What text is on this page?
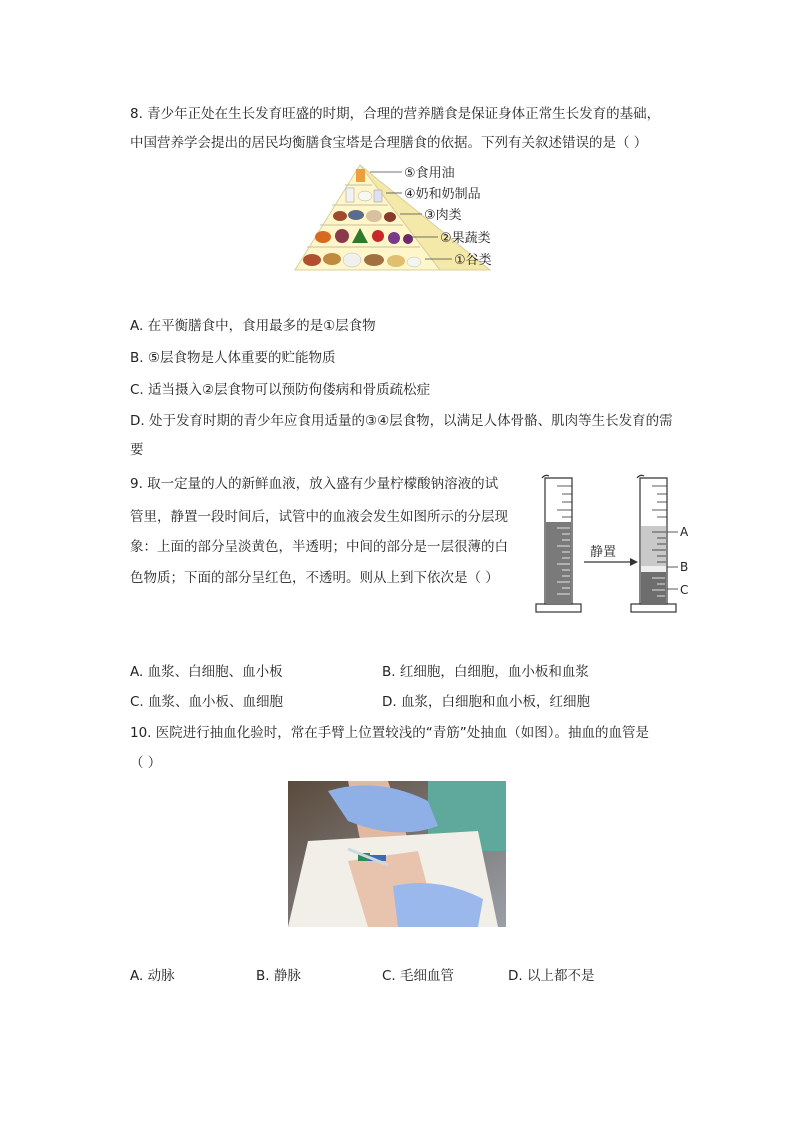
8. 青少年正处在生长发育旺盛的时期，合理的营养膳食是保证身体正常生长发育的基础，
中国营养学会提出的居民均衡膳食宝塔是合理膳食的依据。下列有关叙述错误的是（ ）
⑤食用油
④奶和奶制品
③肉类
②果蔬类
①谷类
A. 在平衡膳食中，食用最多的是①层食物
B. ⑤层食物是人体重要的贮能物质
C. 适当摄入②层食物可以预防佝偻病和骨质疏松症
D. 处于发育时期的青少年应食用适量的③④层食物，以满足人体骨骼、肌肉等生长发育的需
要
9. 取一定量的人的新鲜血液，放入盛有少量柠檬酸钠溶液的试
管里，静置一段时间后，试管中的血液会发生如图所示的分层现
象：上面的部分呈淡黄色，半透明；中间的部分是一层很薄的白
色物质；下面的部分呈红色，不透明。则从上到下依次是（ ）
静置
A
B
C
A. 血浆、白细胞、血小板	B. 红细胞，白细胞，血小板和血浆
C. 血浆、血小板、血细胞	D. 血浆，白细胞和血小板，红细胞
10. 医院进行抽血化验时，常在手臂上位置较浅的“青筋”处抽血（如图）。抽血的血管是
（ ）
A. 动脉	B. 静脉	C. 毛细血管	D. 以上都不是
